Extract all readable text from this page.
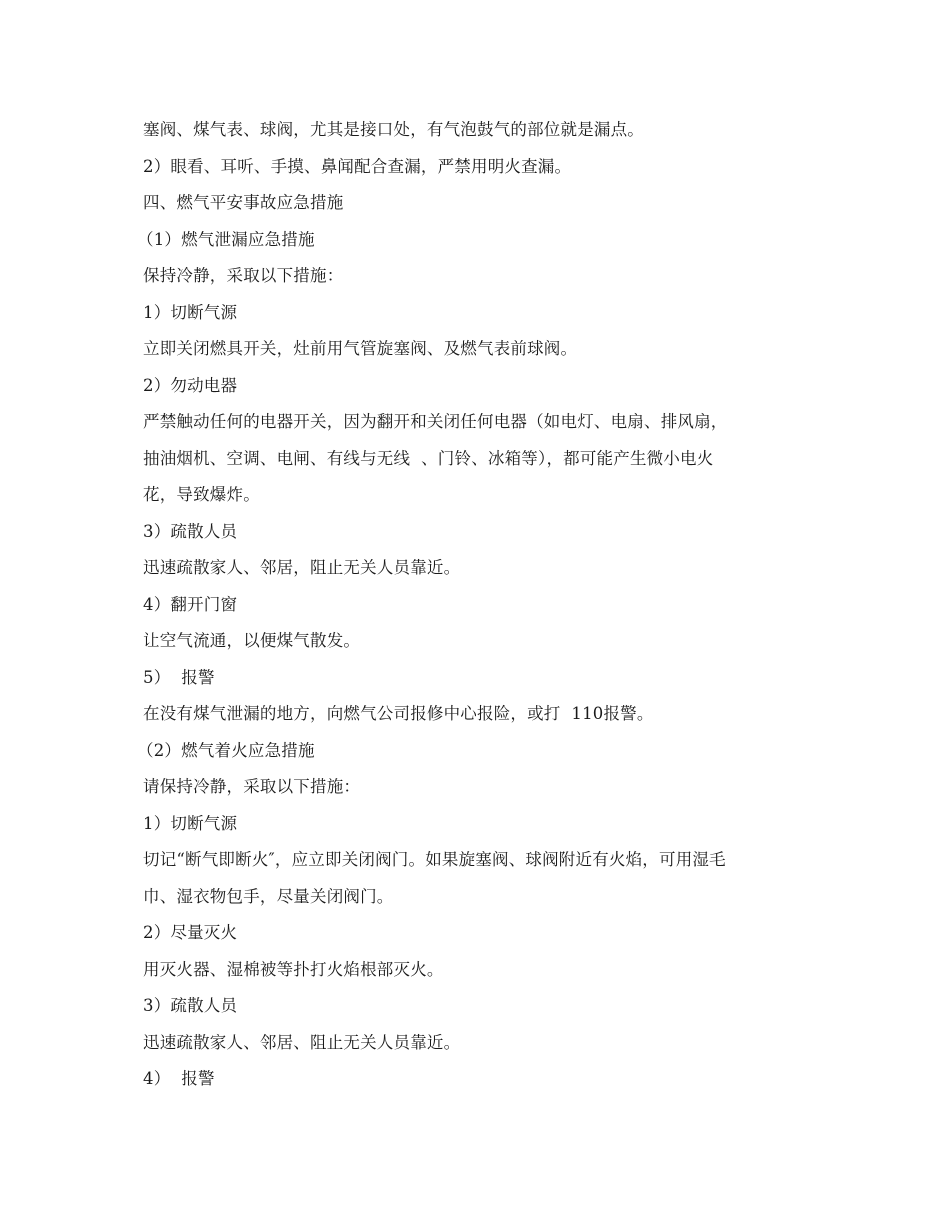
塞阀、煤气表、球阀，尤其是接口处，有气泡鼓气的部位就是漏点。
2）眼看、耳听、手摸、鼻闻配合查漏，严禁用明火查漏。
四、燃气平安事故应急措施
（1）燃气泄漏应急措施
保持冷静，采取以下措施：
1）切断气源
立即关闭燃具开关，灶前用气管旋塞阀、及燃气表前球阀。
2）勿动电器
严禁触动任何的电器开关，因为翻开和关闭任何电器（如电灯、电扇、排风扇，
抽油烟机、空调、电闸、有线与无线  、门铃、冰箱等），都可能产生微小电火
花，导致爆炸。
3）疏散人员
迅速疏散家人、邻居，阻止无关人员靠近。
4）翻开门窗
让空气流通，以便煤气散发。
5）  报警
在没有煤气泄漏的地方，向燃气公司报修中心报险，或打  110报警。
（2）燃气着火应急措施
请保持冷静，采取以下措施：
1）切断气源
切记“断气即断火″，应立即关闭阀门。如果旋塞阀、球阀附近有火焰，可用湿毛
巾、湿衣物包手，尽量关闭阀门。
2）尽量灭火
用灭火器、湿棉被等扑打火焰根部灭火。
3）疏散人员
迅速疏散家人、邻居、阻止无关人员靠近。
4）  报警
